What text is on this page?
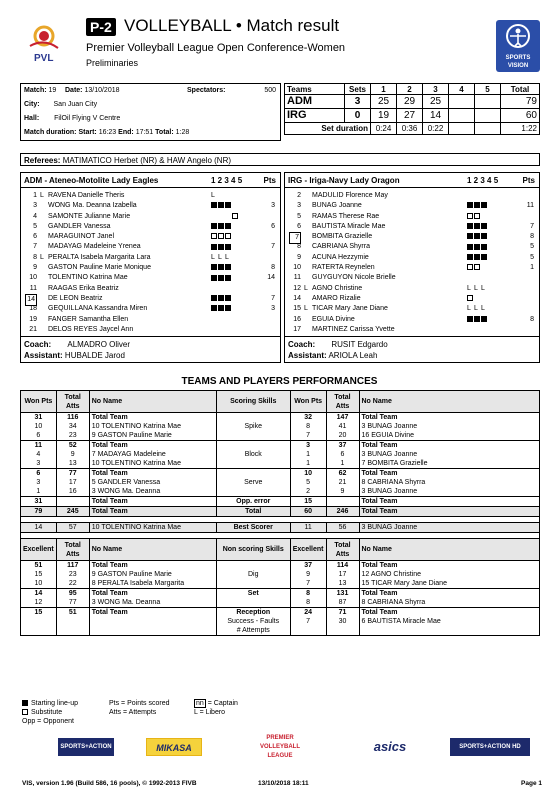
PVL
P-2 VOLLEYBALL • Match result
Premier Volleyball League Open Conference-Women
Preliminaries	SPORTS VISION
Match: 19 Date: 13/10/2018	Spectators:	500
City: San Juan City
Hall: FilOil Flying V Centre
Match duration: Start: 16:23 End: 17:51 Total: 1:28
Teams	Sets	1	2	3	4	5	Total
ADM	3	25	29	25			79
IRG	0	19	27	14			60
Set duration		0:24	0:36	0:22			1:22
Referees: MATIMATICO Herbet (NR) & HAW Angelo (NR)
ADM - Ateneo-Motolite Lady Eagles	1 2 3 4 5	Pts
1 L RAVENA Danielle Theris	L
3 WONG Ma. Deanna Izabella	3
4 SAMONTE Julianne Marie
5 GANDLER Vanessa	6
6 MARAGUINOT Janel
7 MADAYAG Madeleine Yrenea	7
8 L PERALTA Isabela Margarita Lara	L L L
9 GASTON Pauline Marie Monique	8
10 TOLENTINO Katrina Mae	14
11 RAAGAS Erika Beatriz
14 DE LEON Beatriz	7
18 GEQUILLANA Kassandra Miren	3
19 FANGER Samantha Ellen
21 DELOS REYES Jaycel Ann
Coach: ALMADRO Oliver
Assistant: HUBALDE Jarod
IRG - Iriga-Navy Lady Oragon	1 2 3 4 5	Pts
2 MADULID Florence May
3 BUNAG Joanne	11
5 RAMAS Therese Rae
6 BAUTISTA Miracle Mae	7
7 BOMBITA Grazielle	8
8 CABRIANA Shyrra	5
9 ACUNA Hezzymie	5
10 RATERTA Reynelen	1
11 GUYGUYON Nicole Brielle
12 L AGNO Christine	L L L
14 AMARO Rizalie
15 L TICAR Mary Jane Diane	L L L
16 EGUIA Divine	8
17 MARTINEZ Carissa Yvette
Coach: RUSIT Edgardo
Assistant: ARIOLA Leah
TEAMS AND PLAYERS PERFORMANCES
Won Pts	Total Atts	No Name	Scoring Skills	Won Pts	Total Atts	No Name
31	116	Total Team		32	147	Total Team
10	34	10 TOLENTINO Katrina Mae	Spike	8	41	3 BUNAG Joanne
6	23	9 GASTON Pauline Marie		7	20	16 EGUIA Divine
11	52	Total Team		3	37	Total Team
4	9	7 MADAYAG Madeleine	Block	1	6	3 BUNAG Joanne
3	13	10 TOLENTINO Katrina Mae		1	1	7 BOMBITA Grazielle
6	77	Total Team		10	62	Total Team
3	17	5 GANDLER Vanessa	Serve	5	21	8 CABRIANA Shyrra
1	16	3 WONG Ma. Deanna		2	9	3 BUNAG Joanne
31		Total Team	Opp. error	15		Total Team
79	245	Total Team	Total	60	246	Total Team

14	57	10 TOLENTINO Katrina Mae	Best Scorer	11	56	3 BUNAG Joanne

Excellent	Total Atts	No Name	Non scoring Skills	Excellent	Total Atts	No Name
51	117	Total Team		37	114	Total Team
15	23	9 GASTON Pauline Marie	Dig	9	17	12 AGNO Christine
10	22	8 PERALTA Isabela Margarita		7	13	15 TICAR Mary Jane Diane
14	95	Total Team	Set	8	131	Total Team
12	77	3 WONG Ma. Deanna		8	87	8 CABRIANA Shyrra
15	51	Total Team	Reception	24	71	Total Team
			Success - Faults	7	30	6 BAUTISTA Miracle Mae
			# Attempts			
Starting line-up
Substitute
Opp = Opponent
Pts = Points scored
Atts = Attempts
nn = Captain
L = Libero
SPORTS+ACTION	MIKASA
PREMIER VOLLEYBALL LEAGUE
asics	SPORTS+ACTION HD
VIS, version 1.96 (Build 586, 16 pools), © 1992-2013 FIVB	13/10/2018 18:11	Page 1
